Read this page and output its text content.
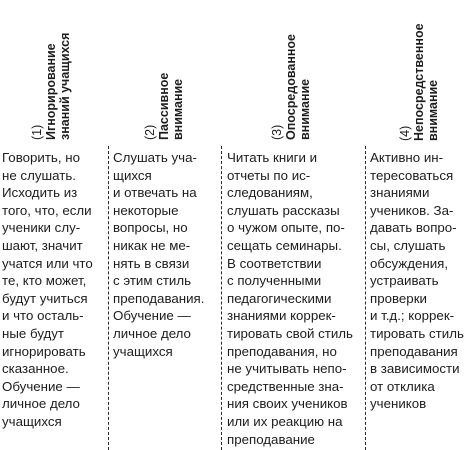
(1) Игнорирование знаний учащихся
Говорить, но
не слушать.
Исходить из
того, что, если
ученики слу-
шают, значит
учатся или что
те, кто может,
будут учиться
и что осталь-
ные будут
игнорировать
сказанное.
Обучение —
личное дело
учащихся
(2) Пассивное внимание
Слушать уча-
щихся
и отвечать на
некоторые
вопросы, но
никак не ме-
нять в связи
с этим стиль
преподавания.
Обучение —
личное дело
учащихся
(3) Опосредованное внимание
Читать книги и
отчеты по ис-
следованиям,
слушать рассказы
о чужом опыте, по-
сещать семинары.
В соответствии
с полученными
педагогическими
знаниями коррек-
тировать свой стиль
преподавания, но
не учитывать непо-
средственные зна-
ния своих учеников
или их реакцию на
преподавание
(4) Непосредственное внимание
Активно ин-
тересоваться
знаниями
учеников. За-
давать вопро-
сы, слушать
обсуждения,
устраивать
проверки
и т.д.; коррек-
тировать стиль
преподавания
в зависимости
от отклика
учеников
